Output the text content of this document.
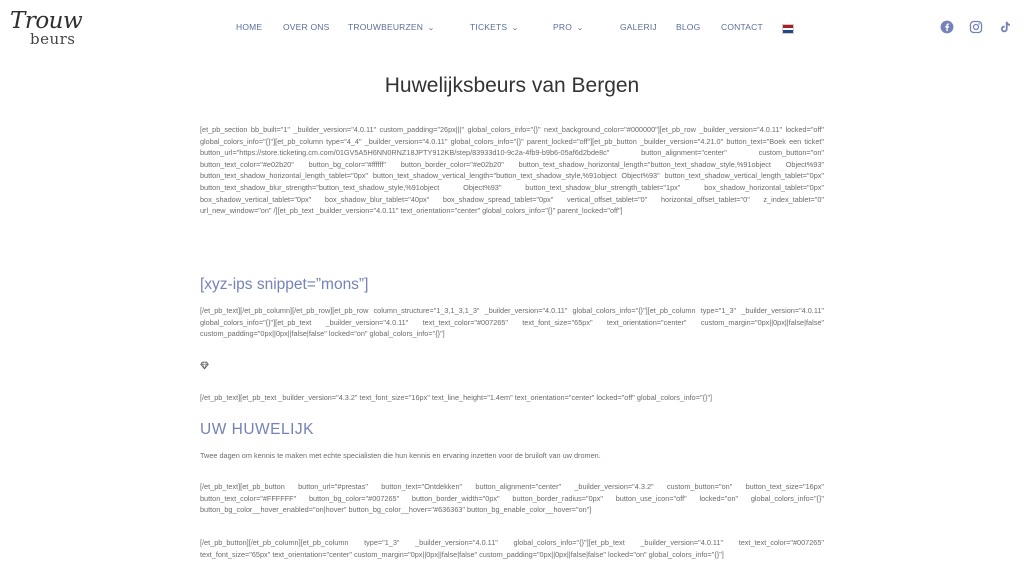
Trouw
beurs
HOME OVER ONS TROUWBEURZEN ⌄	TICKETS ⌄	PRO ⌄	GALERIJ BLOG CONTACT
Huwelijksbeurs van Bergen
[et_pb_section bb_built="1" _builder_version="4.0.11" custom_padding="26px|||" global_colors_info="{}" next_background_color="#000000"][et_pb_row _builder_version="4.0.11" locked="off" global_colors_info="{}"][et_pb_column type="4_4" _builder_version="4.0.11" global_colors_info="{}" parent_locked="off"][et_pb_button _builder_version="4.21.0" button_text="Boek een ticket" button_url="https://store.ticketing.cm.com/01GV5A5H6NN0RNZ18JPTY912KB/step/83933d10-9c2a-4fb9-b9b6-05af6d2bde8c" button_alignment="center" custom_button="on" button_text_color="#e02b20" button_bg_color="#ffffff" button_border_color="#e02b20" button_text_shadow_horizontal_length="button_text_shadow_style,%91object Object%93" button_text_shadow_horizontal_length_tablet="0px" button_text_shadow_vertical_length="button_text_shadow_style,%91object Object%93" button_text_shadow_vertical_length_tablet="0px" button_text_shadow_blur_strength="button_text_shadow_style,%91object Object%93" button_text_shadow_blur_strength_tablet="1px" box_shadow_horizontal_tablet="0px" box_shadow_vertical_tablet="0px" box_shadow_blur_tablet="40px" box_shadow_spread_tablet="0px" vertical_offset_tablet="0" horizontal_offset_tablet="0" z_index_tablet="0" url_new_window="on" /][et_pb_text _builder_version="4.0.11" text_orientation="center" global_colors_info="{}" parent_locked="off"]
[xyz-ips snippet=”mons”]
[/et_pb_text][/et_pb_column][/et_pb_row][et_pb_row column_structure="1_3,1_3,1_3" _builder_version="4.0.11" global_colors_info="{}"][et_pb_column type="1_3" _builder_version="4.0.11" global_colors_info="{}"][et_pb_text _builder_version="4.0.11" text_text_color="#007265" text_font_size="65px" text_orientation="center" custom_margin="0px||0px||false|false" custom_padding="0px||0px||false|false" locked="on" global_colors_info="{}"]
[/et_pb_text][et_pb_text _builder_version="4.3.2" text_font_size="16px" text_line_height="1.4em" text_orientation="center" locked="off" global_colors_info="{}"]
UW HUWELIJK
Twee dagen om kennis te maken met echte specialisten die hun kennis en ervaring inzetten voor de bruiloft van uw dromen.
[/et_pb_text][et_pb_button button_url="#prestas" button_text="Ontdekken" button_alignment="center" _builder_version="4.3.2" custom_button="on" button_text_size="16px" button_text_color="#FFFFFF" button_bg_color="#007265" button_border_width="0px" button_border_radius="0px" button_use_icon="off" locked="on" global_colors_info="{}" button_bg_color__hover_enabled="on|hover" button_bg_color__hover="#636363" button_bg_enable_color__hover="on"]
[/et_pb_button][/et_pb_column][et_pb_column type="1_3" _builder_version="4.0.11" global_colors_info="{}"][et_pb_text _builder_version="4.0.11" text_text_color="#007265" text_font_size="65px" text_orientation="center" custom_margin="0px||0px||false|false" custom_padding="0px||0px||false|false" locked="on" global_colors_info="{}"]
